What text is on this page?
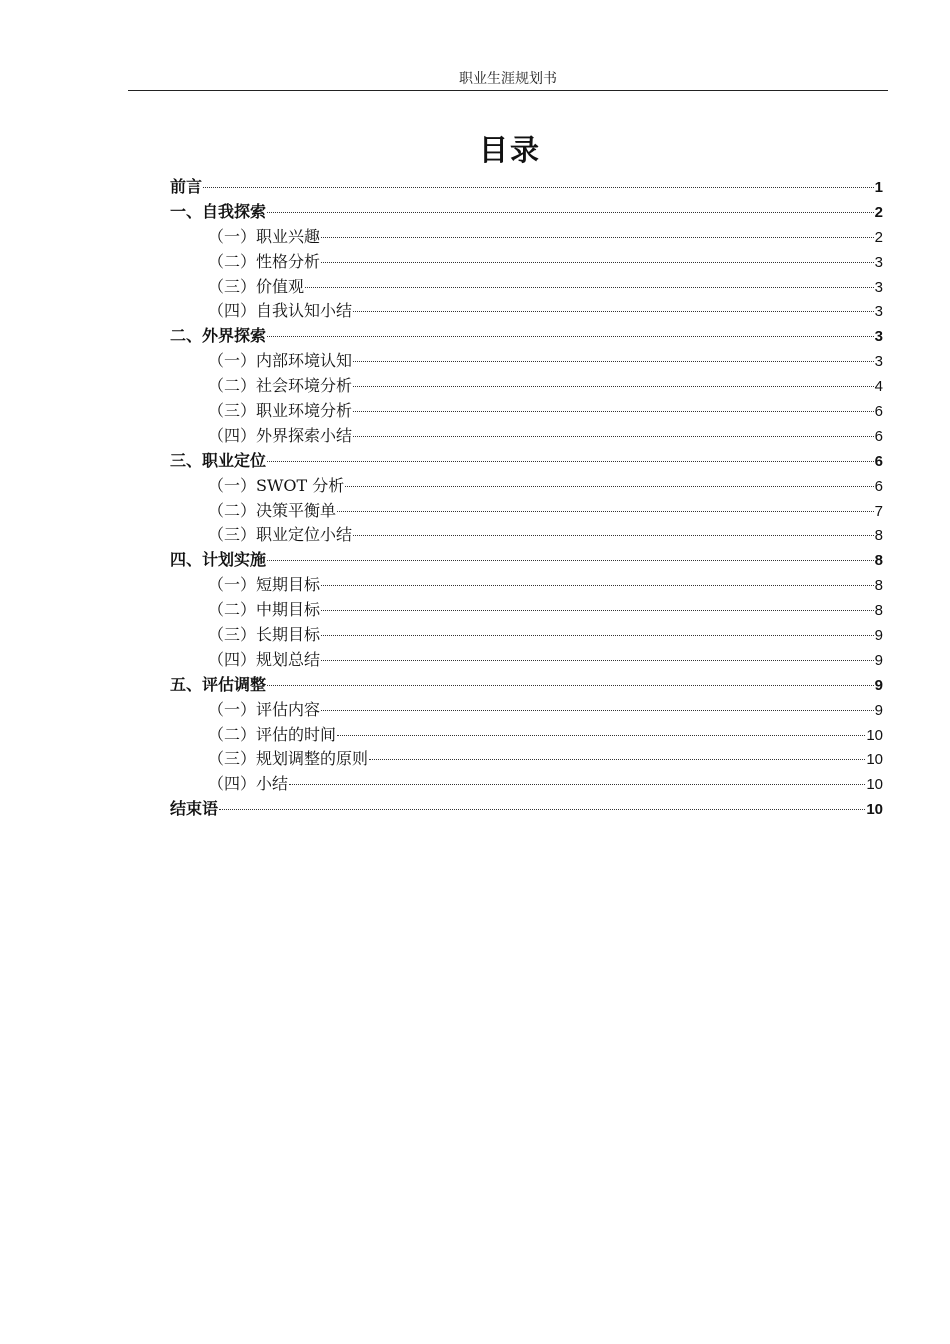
职业生涯规划书
目录
前言	1
一、自我探索	2
（一）职业兴趣	2
（二）性格分析	3
（三）价值观	3
（四）自我认知小结	3
二、外界探索	3
（一）内部环境认知	3
（二）社会环境分析	4
（三）职业环境分析	6
（四）外界探索小结	6
三、职业定位	6
（一）SWOT 分析	6
（二）决策平衡单	7
（三）职业定位小结	8
四、计划实施	8
（一）短期目标	8
（二）中期目标	8
（三）长期目标	9
（四）规划总结	9
五、评估调整	9
（一）评估内容	9
（二）评估的时间	10
（三）规划调整的原则	10
（四）小结	10
结束语	10
